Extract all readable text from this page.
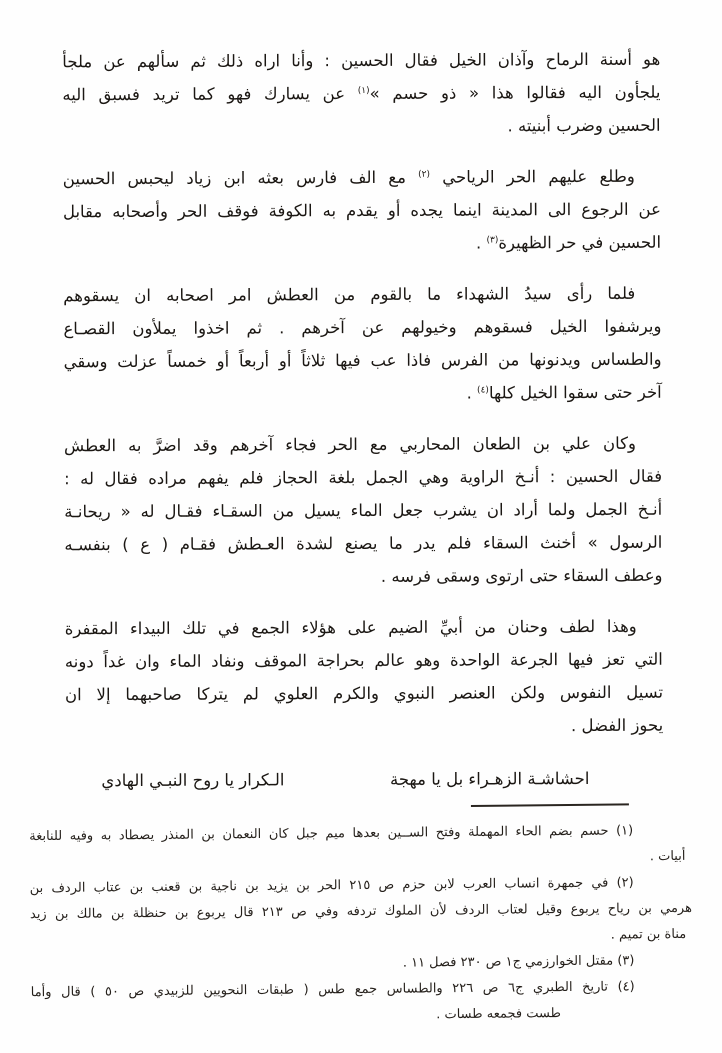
هو أسنة الرماح وآذان الخيل فقال الحسين : وأنا اراه ذلك ثم سألهم عن ملجأ
يلجأون اليه فقالوا هذا « ذو حسم »$^{(١)}$ عن يسارك فهو كما تريد فسبق اليه
الحسين وضرب أبنيته .
وطلع عليهم الحر الرياحي $^{(٢)}$ مع الف فارس بعثه ابن زياد ليحبس الحسين
عن الرجوع الى المدينة اينما يجده أو يقدم به الكوفة فوقف الحر وأصحابه مقابل
الحسين في حر الظهيرة$^{(٣)}$ .
فلما رأى سيدُ الشهداء ما بالقوم من العطش امر اصحابه ان يسقوهم
ويرشفوا الخيل فسقوهم وخيولهم عن آخرهم . ثم اخذوا يملأون القصـاع
والطساس ويدنونها من الفرس فاذا عب فيها ثلاثاً أو أربعاً أو خمساً عزلت وسقي
آخر حتى سقوا الخيل كلها$^{(٤)}$ .
وكان علي بن الطعان المحاربي مع الحر فجاء آخرهم وقد اضرَّ به العطش
فقال الحسين : أنـخ الراوية وهي الجمل بلغة الحجاز فلم يفهم مراده فقال له :
أنـخ الجمل ولما أراد ان يشرب جعل الماء يسيل من السقـاء فقـال له « ريحانـة
الرسول » أخنث السقاء فلم يدر ما يصنع لشدة العـطش فقـام ( ع ) بنفسـه
وعطف السقاء حتى ارتوى وسقى فرسه .
وهذا لطف وحنان من أبيِّ الضيم على هؤلاء الجمع في تلك البيداء المقفرة
التي تعز فيها الجرعة الواحدة وهو عالم بحراجة الموقف ونفاد الماء وان غداً دونه
تسيل النفوس ولكن العنصر النبوي والكرم العلوي لم يتركا صاحبهما إلا ان
يحوز الفضل .
احشاشـة الزهـراء بل يا مهجة
الـكرار يا روح النبـي الهادي
(١) حسم بضم الحاء المهملة وفتح الســين بعدها ميم جبل كان النعمان بن المنذر يصطاد به وفيه للنابغة
أبيات .
(٢) في جمهرة انساب العرب لابن حزم ص ٢١٥ الحر بن يزيد بن ناجية بن قعنب بن عتاب الردف بن
هرمي بن رياح يربوع وقيل لعتاب الردف لأن الملوك تردفه وفي ص ٢١٣ قال يربوع بن حنظلة بن مالك بن زيد
مناة بن تميم .
(٣) مقتل الخوارزمي ج١ ص ٢٣٠ فصل ١١ .
(٤) تاريخ الطبري ج٦ ص ٢٢٦ والطساس جمع طس ( طبقات النحويين للزبيدي ص ٥٠ ) قال وأما
طست فجمعه طسات .
